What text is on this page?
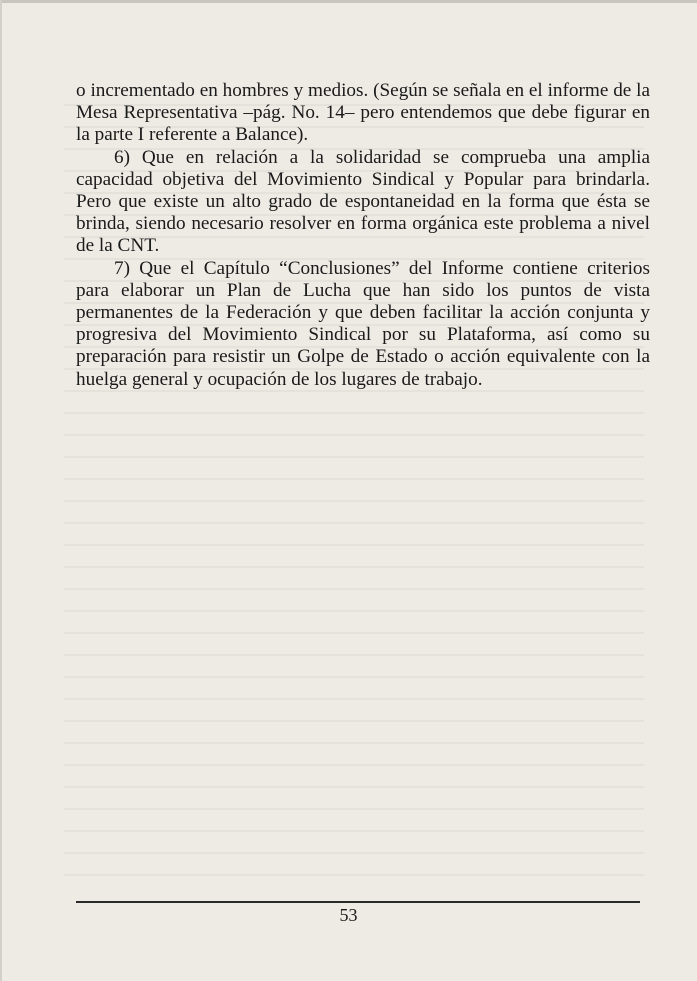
o incrementado en hombres y medios. (Según se señala en el informe de la Mesa Representativa –pág. No. 14– pero entendemos que debe figurar en la parte I referente a Balance).

6) Que en relación a la solidaridad se comprueba una amplia capacidad objetiva del Movimiento Sindical y Popular para brindarla. Pero que existe un alto grado de espontaneidad en la forma que ésta se brinda, siendo necesario resolver en forma orgánica este problema a nivel de la CNT.

7) Que el Capítulo “Conclusiones” del Informe contiene criterios para elaborar un Plan de Lucha que han sido los puntos de vista permanentes de la Federación y que deben facilitar la acción conjunta y progresiva del Movimiento Sindical por su Plataforma, así como su preparación para resistir un Golpe de Estado o acción equivalente con la huelga general y ocupación de los lugares de trabajo.

53
